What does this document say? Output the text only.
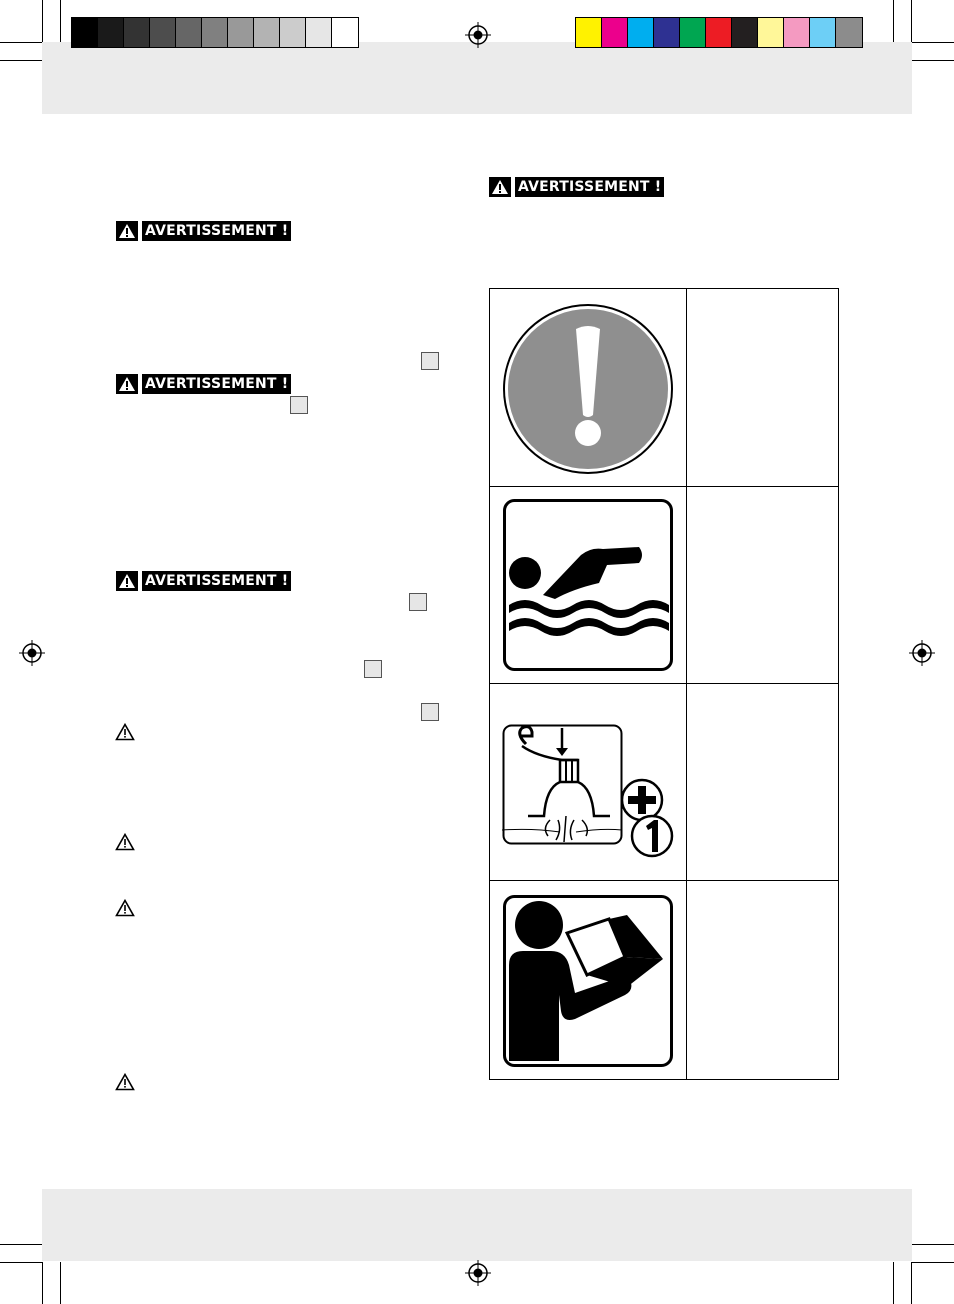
AVERTISSEMENT !
AVERTISSEMENT !
AVERTISSEMENT !
AVERTISSEMENT !
